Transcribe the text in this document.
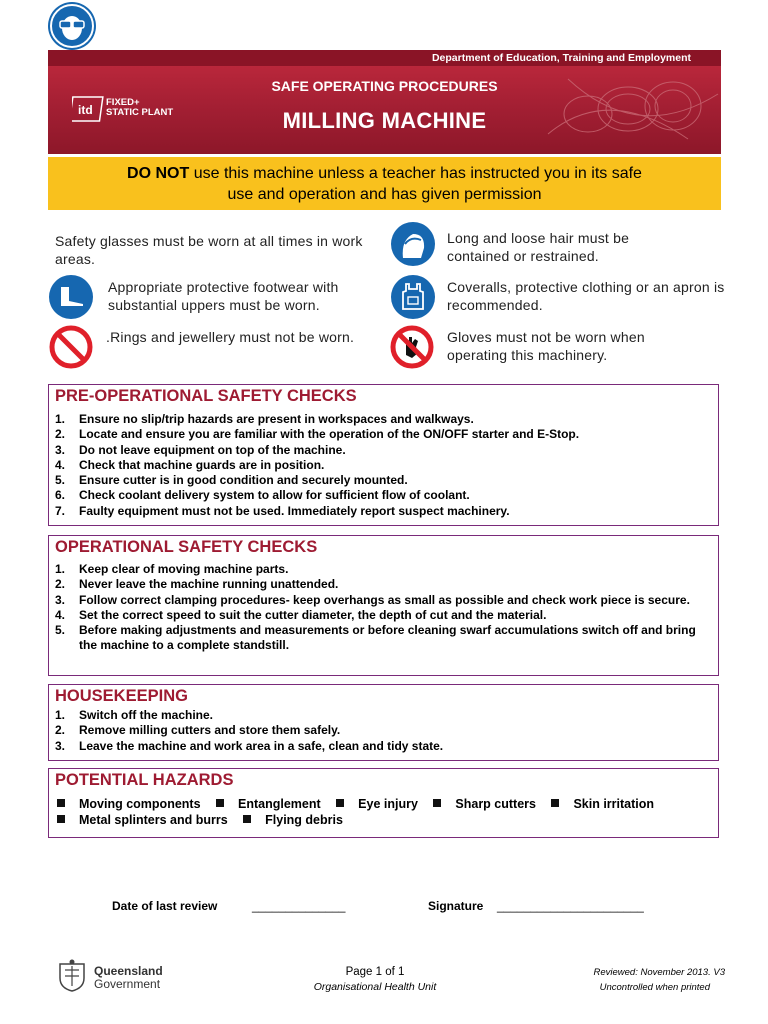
Department of Education, Training and Employment
SAFE OPERATING PROCEDURES
MILLING MACHINE
itd
FIXED+
STATIC PLANT
DO NOT use this machine unless a teacher has instructed you in its safe
use and operation and has given permission
Safety glasses must be worn at all times in work areas.
Long and loose hair must be contained or restrained.
Appropriate protective footwear with substantial uppers must be worn.
Coveralls, protective clothing or an apron is recommended.
.Rings and jewellery must not be worn.	Gloves must not be worn when operating this machinery.
PRE-OPERATIONAL SAFETY CHECKS
1.	Ensure no slip/trip hazards are present in workspaces and walkways.
2.	Locate and ensure you are familiar with the operation of the ON/OFF starter and E-Stop.
3.	Do not leave equipment on top of the machine.
4.	Check that machine guards are in position.
5.	Ensure cutter is in good condition and securely mounted.
6.	Check coolant delivery system to allow for sufficient flow of coolant.
7.	Faulty equipment must not be used. Immediately report suspect machinery.
OPERATIONAL SAFETY CHECKS
1.	Keep clear of moving machine parts.
2.	Never leave the machine running unattended.
3.	Follow correct clamping procedures- keep overhangs as small as possible and check work piece is secure.
4.	Set the correct speed to suit the cutter diameter, the depth of cut and the material.
5.	Before making adjustments and measurements or before cleaning swarf accumulations switch off and bring the machine to a complete standstill.
HOUSEKEEPING
1.	Switch off the machine.
2.	Remove milling cutters and store them safely.
3.	Leave the machine and work area in a safe, clean and tidy state.
POTENTIAL HAZARDS
Moving components	Entanglement	Eye injury	Sharp cutters	Skin irritation
Metal splinters and burrs	Flying debris
Date of last review	______________	Signature ______________________
Queensland
Government
Page 1 of 1
Organisational Health Unit
Reviewed: November 2013. V3
Uncontrolled when printed
